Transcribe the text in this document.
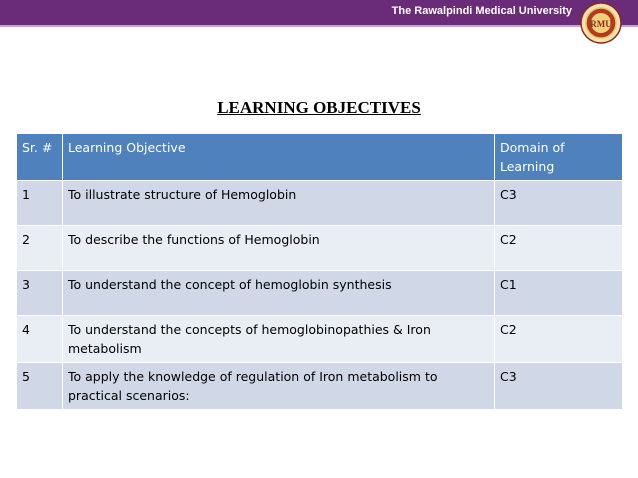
The Rawalpindi Medical University
RMU
LEARNING OBJECTIVES
Sr. #	Learning Objective	Domain of Learning
1	To illustrate structure of Hemoglobin	C3
2	To describe the functions of Hemoglobin	C2
3	To understand the concept of hemoglobin synthesis	C1
4	To understand the concepts of hemoglobinopathies & Iron metabolism	C2
5	To apply the knowledge of regulation of Iron metabolism to practical scenarios:	C3
